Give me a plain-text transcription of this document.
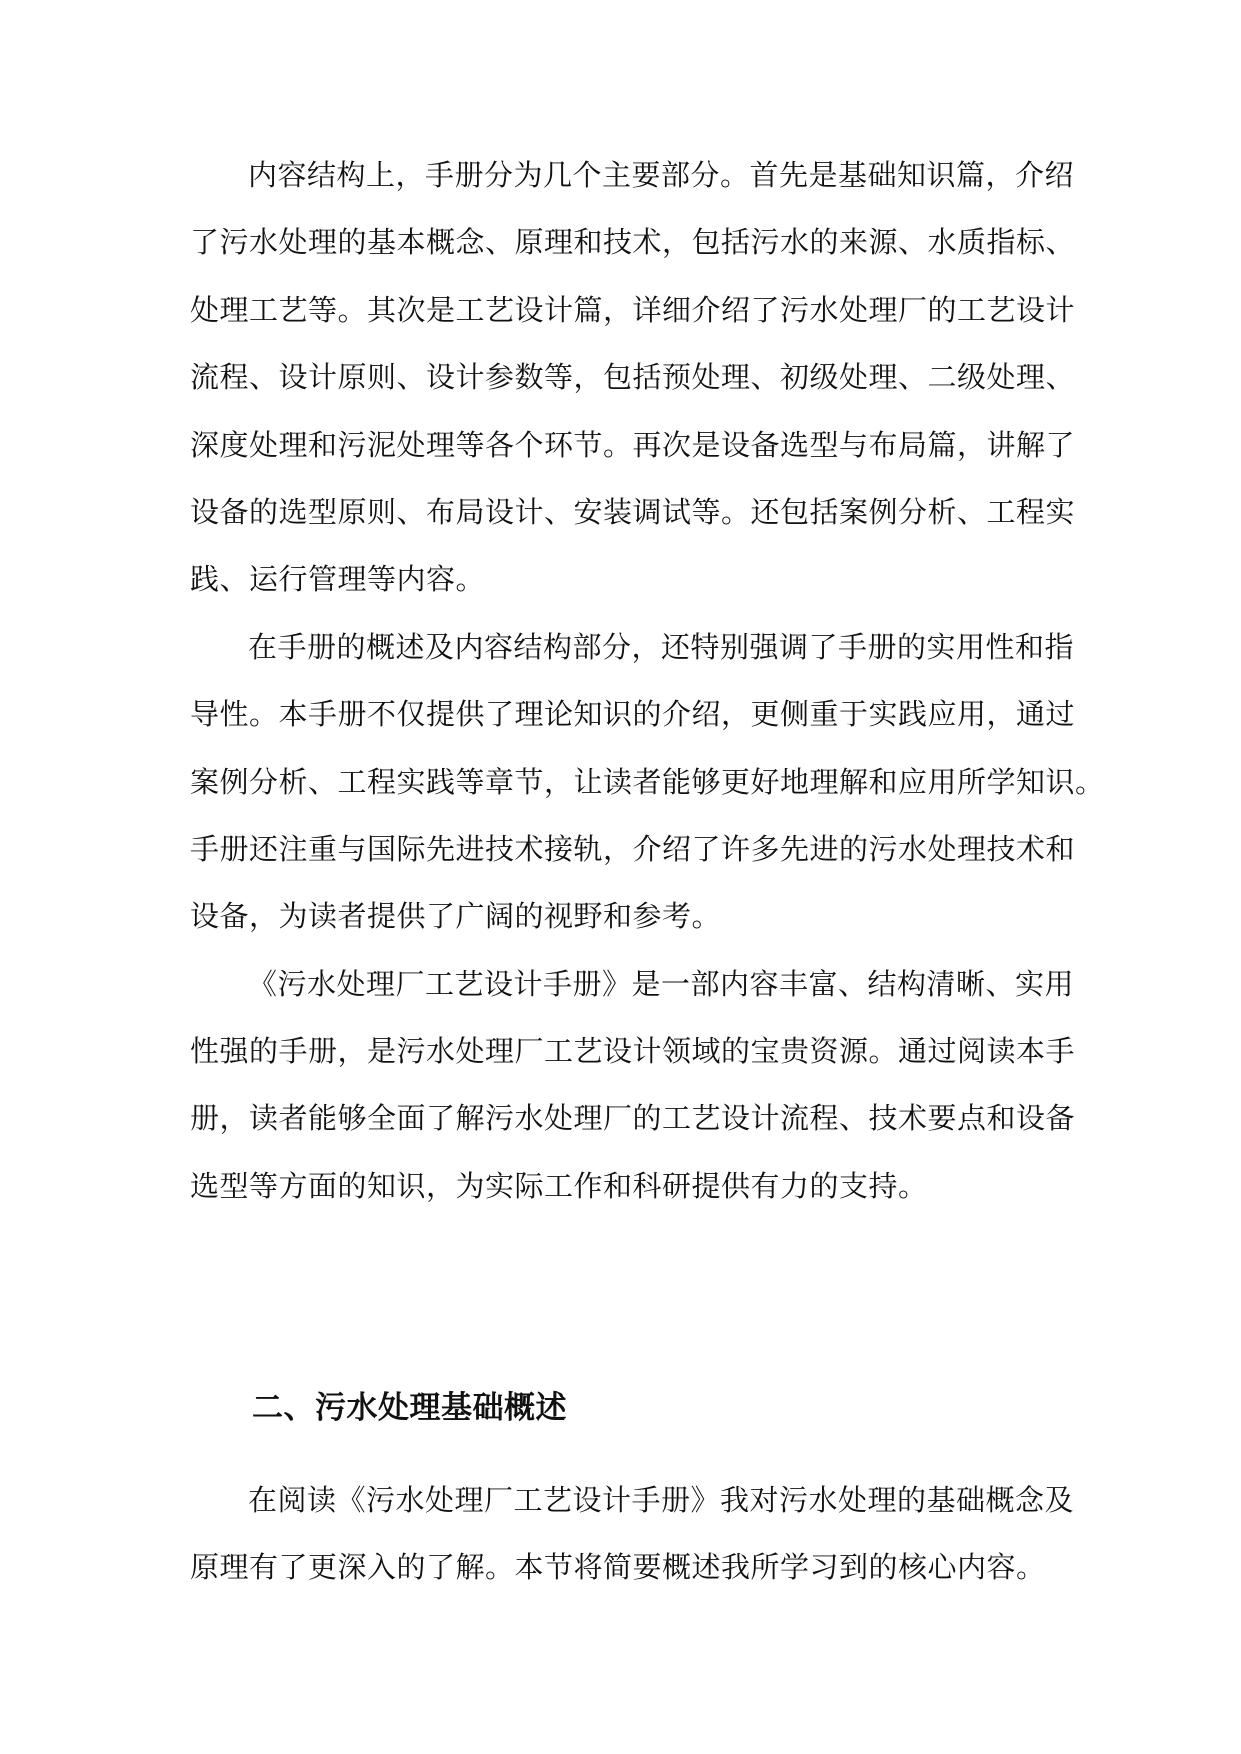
内容结构上，手册分为几个主要部分。首先是基础知识篇，介绍
了污水处理的基本概念、原理和技术，包括污水的来源、水质指标、
处理工艺等。其次是工艺设计篇，详细介绍了污水处理厂的工艺设计
流程、设计原则、设计参数等，包括预处理、初级处理、二级处理、
深度处理和污泥处理等各个环节。再次是设备选型与布局篇，讲解了
设备的选型原则、布局设计、安装调试等。还包括案例分析、工程实
践、运行管理等内容。
在手册的概述及内容结构部分，还特别强调了手册的实用性和指
导性。本手册不仅提供了理论知识的介绍，更侧重于实践应用，通过
案例分析、工程实践等章节，让读者能够更好地理解和应用所学知识。
手册还注重与国际先进技术接轨，介绍了许多先进的污水处理技术和
设备，为读者提供了广阔的视野和参考。
《污水处理厂工艺设计手册》是一部内容丰富、结构清晰、实用
性强的手册，是污水处理厂工艺设计领域的宝贵资源。通过阅读本手
册，读者能够全面了解污水处理厂的工艺设计流程、技术要点和设备
选型等方面的知识，为实际工作和科研提供有力的支持。
二、污水处理基础概述
在阅读《污水处理厂工艺设计手册》我对污水处理的基础概念及
原理有了更深入的了解。本节将简要概述我所学习到的核心内容。
